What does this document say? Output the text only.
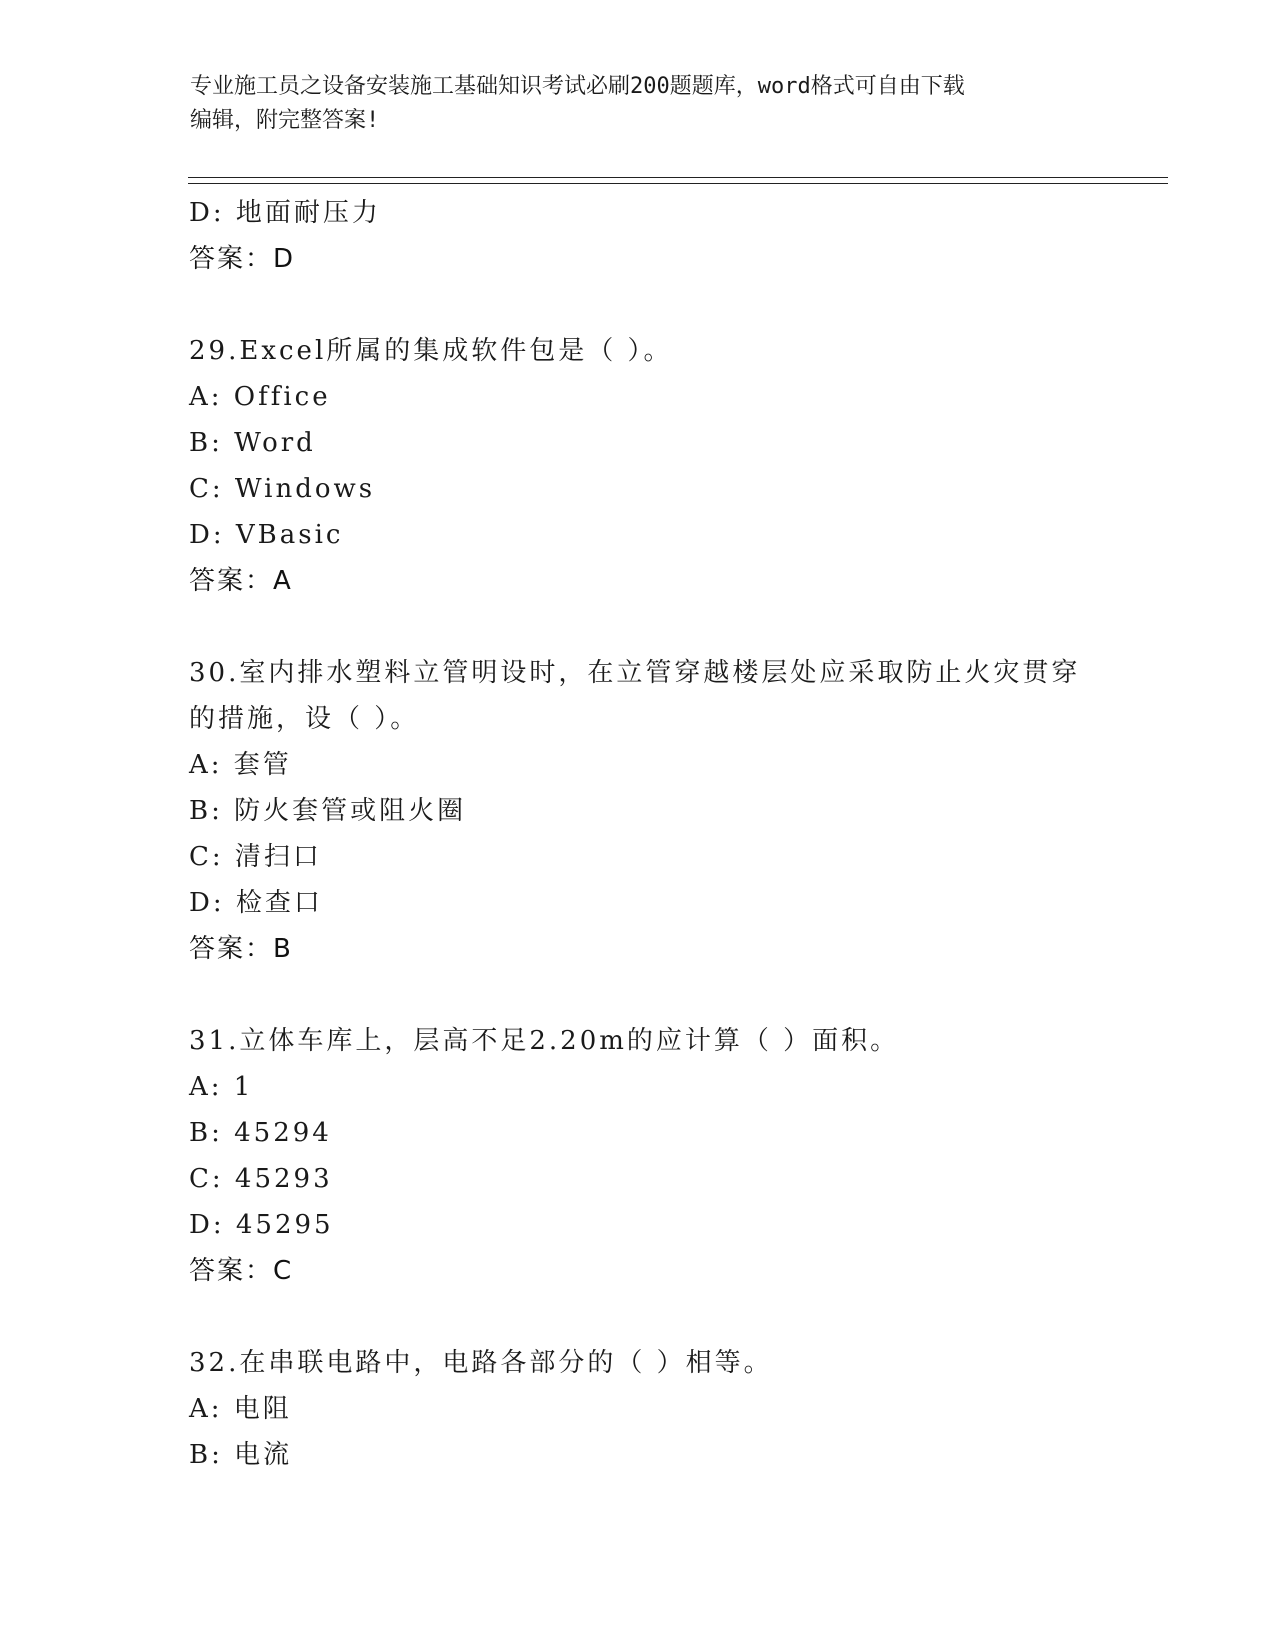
专业施工员之设备安装施工基础知识考试必刷200题题库，word格式可自由下载
编辑，附完整答案!
D: 地面耐压力
答案：D
29.Excel所属的集成软件包是（ ）。
A: Office
B: Word
C: Windows
D: VBasic
答案：A
30.室内排水塑料立管明设时，在立管穿越楼层处应采取防止火灾贯穿
的措施，设（ ）。
A: 套管
B: 防火套管或阻火圈
C: 清扫口
D: 检查口
答案：B
31.立体车库上，层高不足2.20m的应计算（ ）面积。
A: 1
B: 45294
C: 45293
D: 45295
答案：C
32.在串联电路中，电路各部分的（ ）相等。
A: 电阻
B: 电流
